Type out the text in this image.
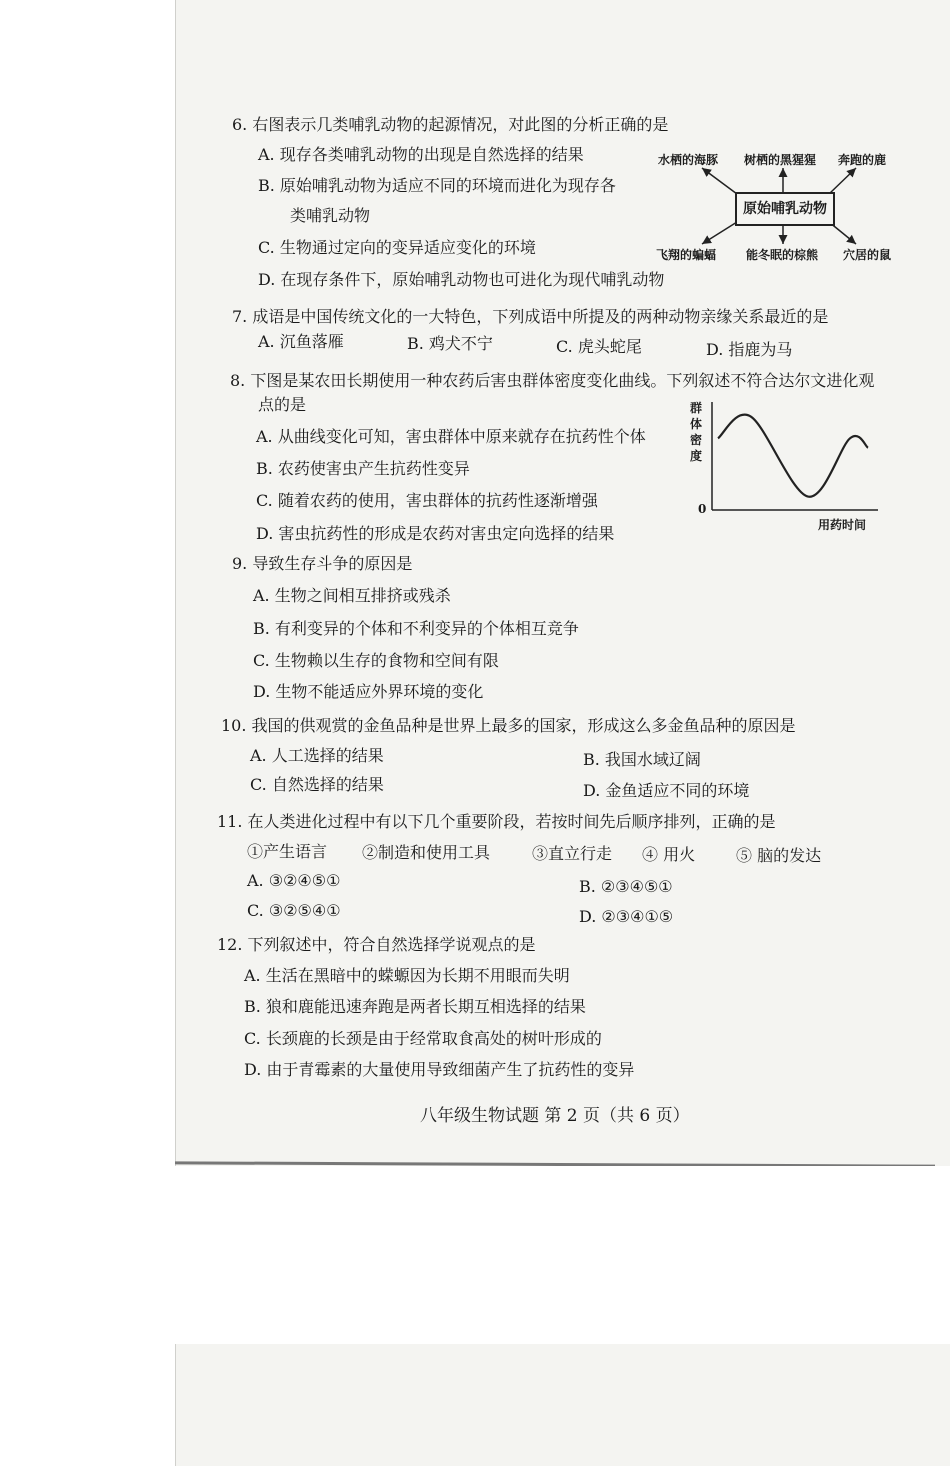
6. 右图表示几类哺乳动物的起源情况，对此图的分析正确的是
A. 现存各类哺乳动物的出现是自然选择的结果
B. 原始哺乳动物为适应不同的环境而进化为现存各
类哺乳动物
C. 生物通过定向的变异适应变化的环境
D. 在现存条件下，原始哺乳动物也可进化为现代哺乳动物
水栖的海豚 树栖的黑猩猩 奔跑的鹿
原始哺乳动物
飞翔的蝙蝠 能冬眠的棕熊 穴居的鼠
7. 成语是中国传统文化的一大特色，下列成语中所提及的两种动物亲缘关系最近的是
A. 沉鱼落雁	B. 鸡犬不宁	C. 虎头蛇尾	D. 指鹿为马
8. 下图是某农田长期使用一种农药后害虫群体密度变化曲线。下列叙述不符合达尔文进化观
点的是
A. 从曲线变化可知，害虫群体中原来就存在抗药性个体
B. 农药使害虫产生抗药性变异
C. 随着农药的使用，害虫群体的抗药性逐渐增强
D. 害虫抗药性的形成是农药对害虫定向选择的结果
群体密度
0
用药时间
9. 导致生存斗争的原因是
A. 生物之间相互排挤或残杀
B. 有利变异的个体和不利变异的个体相互竞争
C. 生物赖以生存的食物和空间有限
D. 生物不能适应外界环境的变化
10. 我国的供观赏的金鱼品种是世界上最多的国家，形成这么多金鱼品种的原因是
A. 人工选择的结果	B. 我国水域辽阔
C. 自然选择的结果	D. 金鱼适应不同的环境
11. 在人类进化过程中有以下几个重要阶段，若按时间先后顺序排列，正确的是
①产生语言 ②制造和使用工具	③直立行走 ④ 用火	⑤ 脑的发达
A. ③②④⑤①	B. ②③④⑤①
C. ③②⑤④①	D. ②③④①⑤
12. 下列叙述中，符合自然选择学说观点的是
A. 生活在黑暗中的蝾螈因为长期不用眼而失明
B. 狼和鹿能迅速奔跑是两者长期互相选择的结果
C. 长颈鹿的长颈是由于经常取食高处的树叶形成的
D. 由于青霉素的大量使用导致细菌产生了抗药性的变异
八年级生物试题 第 2 页（共 6 页）
